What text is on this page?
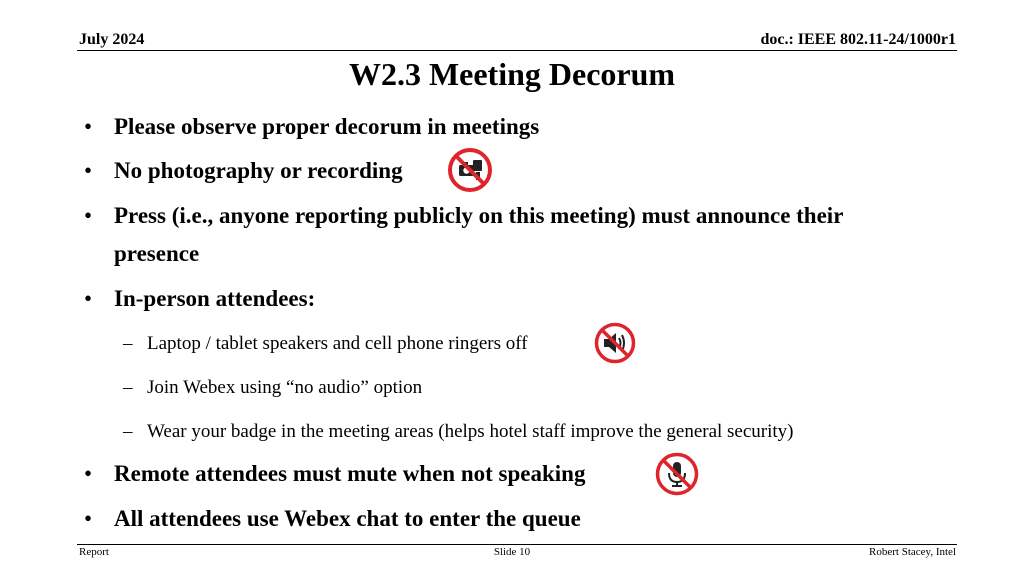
July 2024	doc.: IEEE 802.11-24/1000r1
W2.3 Meeting Decorum
• Please observe proper decorum in meetings
• No photography or recording
• Press (i.e., anyone reporting publicly on this meeting) must announce their
presence
• In-person attendees:
– Laptop / tablet speakers and cell phone ringers off
– Join Webex using “no audio” option
– Wear your badge in the meeting areas (helps hotel staff improve the general security)
• Remote attendees must mute when not speaking
• All attendees use Webex chat to enter the queue
Report	Slide 10	Robert Stacey, Intel
